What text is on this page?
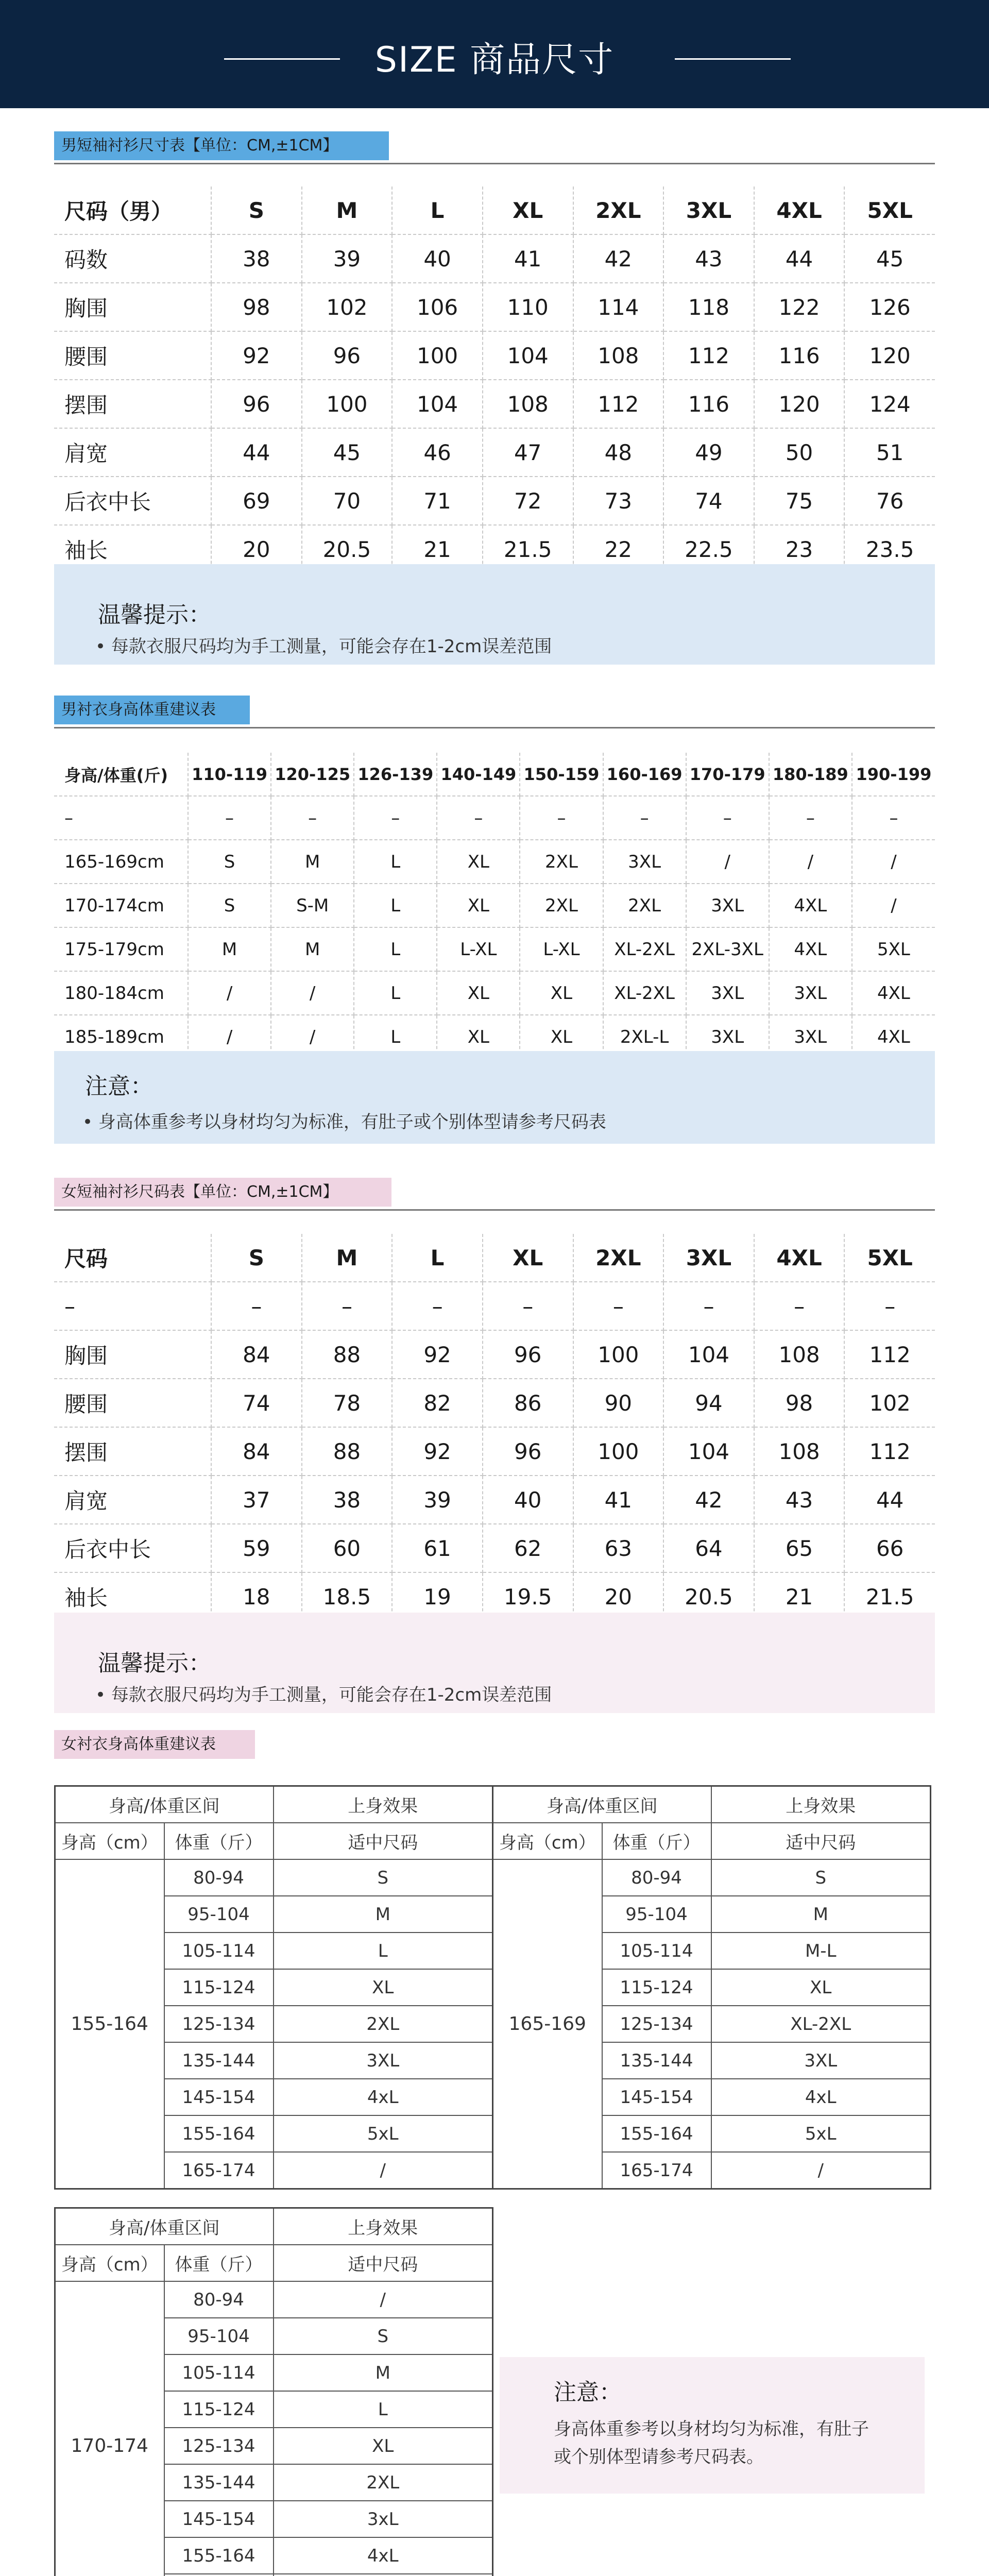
SIZE 商品尺寸
男短袖衬衫尺寸表【单位：CM,±1CM】
尺码（男）	S	M	L	XL	2XL	3XL	4XL	5XL
码数	38	39	40	41	42	43	44	45
胸围	98	102	106	110	114	118	122	126
腰围	92	96	100	104	108	112	116	120
摆围	96	100	104	108	112	116	120	124
肩宽	44	45	46	47	48	49	50	51
后衣中长	69	70	71	72	73	74	75	76
袖长	20	20.5	21	21.5	22	22.5	23	23.5
温馨提示：
• 每款衣服尺码均为手工测量，可能会存在1-2cm误差范围
男衬衣身高体重建议表
身高/体重(斤)	110-119	120-125	126-139	140-149	150-159	160-169	170-179	180-189	190-199
–	–	–	–	–	–	–	–	–	–
165-169cm	S	M	L	XL	2XL	3XL	/	/	/
170-174cm	S	S-M	L	XL	2XL	2XL	3XL	4XL	/
175-179cm	M	M	L	L-XL	L-XL	XL-2XL	2XL-3XL	4XL	5XL
180-184cm	/	/	L	XL	XL	XL-2XL	3XL	3XL	4XL
185-189cm	/	/	L	XL	XL	2XL-L	3XL	3XL	4XL
注意：
• 身高体重参考以身材均匀为标准，有肚子或个别体型请参考尺码表
女短袖衬衫尺码表【单位：CM,±1CM】
尺码	S	M	L	XL	2XL	3XL	4XL	5XL
–	–	–	–	–	–	–	–	–
胸围	84	88	92	96	100	104	108	112
腰围	74	78	82	86	90	94	98	102
摆围	84	88	92	96	100	104	108	112
肩宽	37	38	39	40	41	42	43	44
后衣中长	59	60	61	62	63	64	65	66
袖长	18	18.5	19	19.5	20	20.5	21	21.5
温馨提示：
• 每款衣服尺码均为手工测量，可能会存在1-2cm误差范围
女衬衣身高体重建议表
身高/体重区间		上身效果
身高（cm）	体重（斤）	适中尺码
155-164	80-94	S
	95-104	M
	105-114	L
	115-124	XL
	125-134	2XL
	135-144	3XL
	145-154	4xL
	155-164	5xL
	165-174	/
身高/体重区间		上身效果
身高（cm）	体重（斤）	适中尺码
165-169	80-94	S
	95-104	M
	105-114	M-L
	115-124	XL
	125-134	XL-2XL
	135-144	3XL
	145-154	4xL
	155-164	5xL
	165-174	/
身高/体重区间		上身效果
身高（cm）	体重（斤）	适中尺码
170-174	80-94	/
	95-104	S
	105-114	M
	115-124	L
	125-134	XL
	135-144	2XL
	145-154	3xL
	155-164	4xL

注意：
身高体重参考以身材均匀为标准，有肚子
或个别体型请参考尺码表。
